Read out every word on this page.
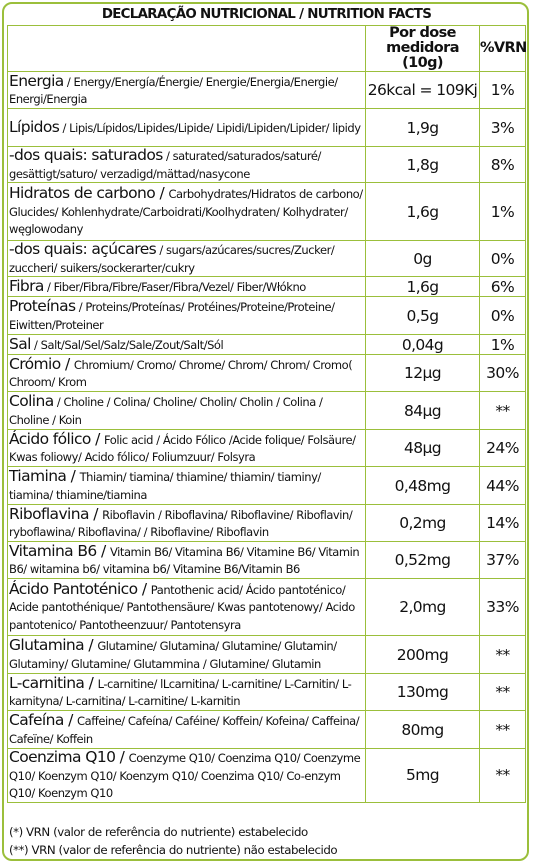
DECLARAÇÃO NUTRICIONAL / NUTRITION FACTS
	Por dose medidora (10g)	%VRN
Energia / Energy/Energía/Énergie/ Energie/Energia/Energie/ Energi/Energia	26kcal = 109Kj	1%
Lípidos / Lipis/Lípidos/Lipides/Lipide/ Lipidi/Lipiden/Lipider/ lipidy	1,9g	3%
-dos quais: saturados / saturated/saturados/saturé/ gesättigt/saturo/ verzadigd/mättad/nasycone	1,8g	8%
Hidratos de carbono / Carbohydrates/Hidratos de carbono/ Glucides/ Kohlenhydrate/Carboidrati/Koolhydraten/ Kolhydrater/ węglowodany	1,6g	1%
-dos quais: açúcares / sugars/azúcares/sucres/Zucker/ zuccheri/ suikers/sockerarter/cukry	0g	0%
Fibra / Fiber/Fibra/Fibre/Faser/Fibra/Vezel/ Fiber/Włókno	1,6g	6%
Proteínas / Proteins/Proteínas/ Protéines/Proteine/Proteine/ Eiwitten/Proteiner	0,5g	0%
Sal / Salt/Sal/Sel/Salz/Sale/Zout/Salt/Sól	0,04g	1%
Crómio / Chromium/ Cromo/ Chrome/ Chrom/ Chrom/ Cromo( Chroom/ Krom	12µg	30%
Colina / Choline / Colina/ Choline/ Cholin/ Cholin / Colina / Choline / Koin	84µg	**
Ácido fólico / Folic acid / Ácido Fólico /Acide folique/ Folsäure/ Kwas foliowy/ Acido fólico/ Foliumzuur/ Folsyra	48µg	24%
Tiamina / Thiamin/ tiamina/ thiamine/ thiamin/ tiaminy/ tiamina/ thiamine/tiamina	0,48mg	44%
Riboflavina / Riboflavin / Riboflavina/ Riboflavine/ Riboflavin/ ryboflawina/ Riboflavina/ / Riboflavine/ Riboflavin	0,2mg	14%
Vitamina B6 / Vitamin B6/ Vitamina B6/ Vitamine B6/ Vitamin B6/ witamina b6/ vitamina b6/ Vitamine B6/Vitamin B6	0,52mg	37%
Ácido Pantoténico / Pantothenic acid/ Ácido pantoténico/ Acide pantothénique/ Pantothensäure/ Kwas pantotenowy/ Acido pantotenico/ Pantotheenzuur/ Pantotensyra	2,0mg	33%
Glutamina / Glutamine/ Glutamina/ Glutamine/ Glutamin/ Glutaminy/ Glutamine/ Glutammina / Glutamine/ Glutamin	200mg	**
L-carnitina / L-carnitine/ lLcarnitina/ L-carnitine/ L-Carnitin/ L-karnityna/ L-carnitina/ L-carnitine/ L-karnitin	130mg	**
Cafeína / Caffeine/ Cafeína/ Caféine/ Koffein/ Kofeina/ Caffeina/ Cafeïne/ Koffein	80mg	**
Coenzima Q10 / Coenzyme Q10/ Coenzima Q10/ Coenzyme Q10/ Koenzym Q10/ Koenzym Q10/ Coenzima Q10/ Co-enzym Q10/ Koenzym Q10	5mg	**
(*) VRN (valor de referência do nutriente) estabelecido
(**) VRN (valor de referência do nutriente) não estabelecido
